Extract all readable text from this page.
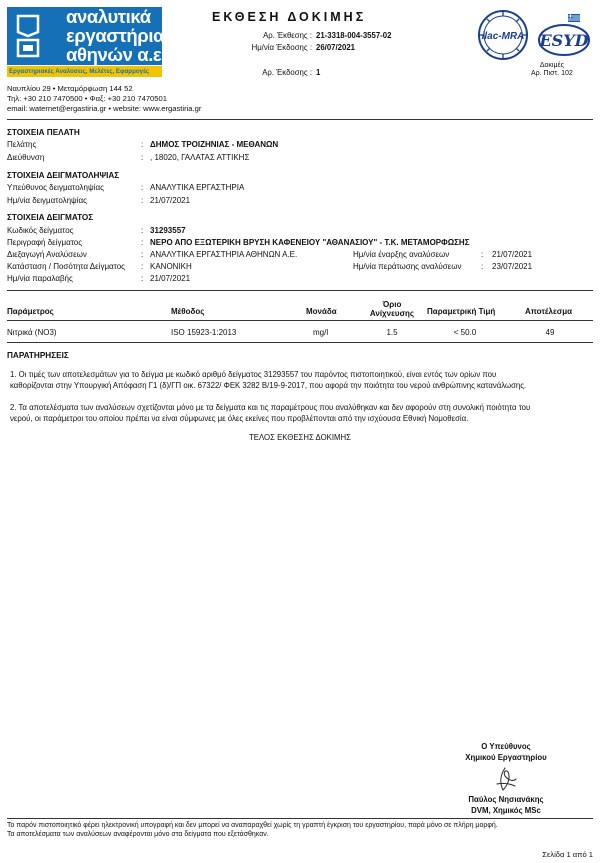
αναλυτικά
εργαστήρια
αθηνών α.ε
Εργαστηριακές Αναλύσεις, Μελέτες, Εφαρμογές
Ναυπλίου 29 • Μεταμόρφωση 144 52
Τηλ: +30 210 7470500 • Φαξ: +30 210 7470501
email: waternet@ergastiria.gr • website: www.ergastiria.gr
ΕΚΘΕΣΗ ΔΟΚΙΜΗΣ
Αρ. Έκθεσης : 21-3318-004-3557-02
Ημ/νία Έκδοσης : 26/07/2021
Αρ. Έκδοσης : 1
ilac-MRA ESYD
Δοκιμές
Αρ. Πιστ. 102
ΣΤΟΙΧΕΙΑ ΠΕΛΑΤΗ
Πελάτης	: ΔΗΜΟΣ ΤΡΟΙΖΗΝΙΑΣ - ΜΕΘΑΝΩΝ
Διεύθυνση	: , 18020, ΓΑΛΑΤΑΣ ΑΤΤΙΚΗΣ
ΣΤΟΙΧΕΙΑ ΔΕΙΓΜΑΤΟΛΗΨΙΑΣ
Υπεύθυνος δειγματοληψίας	: ΑΝΑΛΥΤΙΚΑ ΕΡΓΑΣΤΗΡΙΑ
Ημ/νία δειγματοληψίας	: 21/07/2021
ΣΤΟΙΧΕΙΑ ΔΕΙΓΜΑΤΟΣ
Κωδικός δείγματος	: 31293557
Περιγραφή δείγματος	: ΝΕΡΟ ΑΠΟ ΕΞΩΤΕΡΙΚΗ ΒΡΥΣΗ ΚΑΦΕΝΕΙΟΥ "ΑΘΑΝΑΣΙΟΥ" - Τ.Κ. ΜΕΤΑΜΟΡΦΩΣΗΣ
Διεξαγωγή Αναλύσεων	: ΑΝΑΛΥΤΙΚΑ ΕΡΓΑΣΤΗΡΙΑ ΑΘΗΝΩΝ Α.Ε.	Ημ/νία έναρξης αναλύσεων	: 21/07/2021
Κατάσταση / Ποσότητα Δείγματος : ΚΑΝΟΝΙΚΗ	Ημ/νία περάτωσης αναλύσεων : 23/07/2021
Ημ/νία παραλαβής	: 21/07/2021
Παράμετρος	Μέθοδος	Μονάδα
Όριο
Ανίχνευσης	Παραμετρική Τιμή	Αποτέλεσμα
Νιτρικά (NO3)	ISO 15923-1:2013	mg/l	1.5	< 50.0	49
ΠΑΡΑΤΗΡΗΣΕΙΣ
1. Οι τιμές των αποτελεσμάτων για το δείγμα με κωδικό αριθμό δείγματος 31293557 του παρόντος πιστοποιητικού, είναι εντός των ορίων που
καθορίζονται στην Υπουργική Απόφαση Γ1 (δ)/ΓΠ οικ. 67322/ ΦΕΚ 3282 Β/19-9-2017, που αφορά την ποιότητα του νερού ανθρώπινης κατανάλωσης.
2. Τα αποτελέσματα των αναλύσεων σχετίζονται μόνο με τα δείγματα και τις παραμέτρους που αναλύθηκαν και δεν αφορούν στη συνολική ποιότητα του
νερού, οι παράμετροι του οποίου πρέπει να είναι σύμφωνες με όλες εκείνες που προβλέπονται από την ισχύουσα Εθνική Νομοθεσία.
ΤΕΛΟΣ ΕΚΘΕΣΗΣ ΔΟΚΙΜΗΣ
Ο Υπεύθυνος
Χημικού Εργαστηρίου
Παύλος Νησιανάκης
DVM, Χημικός MSc
Το παρόν πιστοποιητικό φέρει ηλεκτρονική υπογραφή και δεν μπορεί να αναπαραχθεί χωρίς τη γραπτή έγκριση του εργαστηρίου, παρά μόνο σε πλήρη μορφή.
Τα αποτελέσματα των αναλύσεων αναφέρονται μόνο στα δείγματα που εξετάσθηκαν.
Σελίδα 1 από 1
